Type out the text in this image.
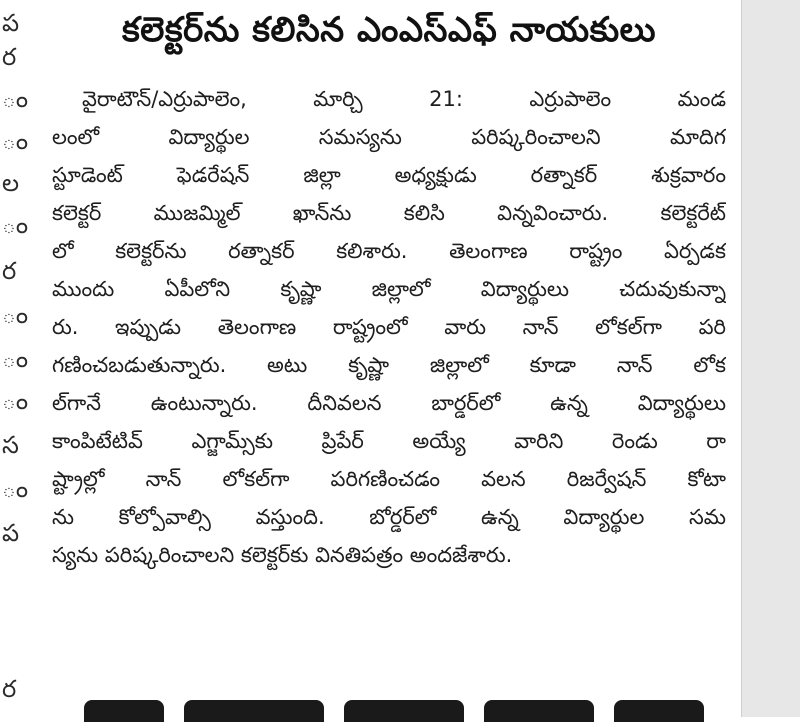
ప
ర
ం
ం
ల
ం
ర
ం
ం
ం
స
ం
ప
ర
కలెక్టర్‌ను కలిసిన ఎంఎస్‌ఎఫ్ నాయకులు
వైరాటౌన్/ఎర్రుపాలెం, మార్చి 21: ఎర్రుపాలెం మండ
లంలో విద్యార్థుల సమస్యను పరిష్కరించాలని మాదిగ
స్టూడెంట్ ఫెడరేషన్ జిల్లా అధ్యక్షుడు రత్నాకర్ శుక్రవారం
కలెక్టర్ ముజమ్మిల్ ఖాన్‌ను కలిసి విన్నవించారు. కలెక్టరేట్
లో కలెక్టర్‌ను రత్నాకర్ కలిశారు. తెలంగాణ రాష్ట్రం ఏర్పడక
ముందు ఏపీలోని కృష్ణా జిల్లాలో విద్యార్థులు చదువుకున్నా
రు. ఇప్పుడు తెలంగాణ రాష్ట్రంలో వారు నాన్ లోకల్‌గా పరి
గణించబడుతున్నారు. అటు కృష్ణా జిల్లాలో కూడా నాన్ లోక
ల్‌గానే ఉంటున్నారు. దీనివలన బార్డర్‌లో ఉన్న విద్యార్థులు
కాంపిటేటివ్ ఎగ్జామ్స్‌కు ప్రిపేర్ అయ్యే వారిని రెండు రా
ష్ట్రాల్లో నాన్ లోకల్‌గా పరిగణించడం వలన రిజర్వేషన్ కోటా
ను కోల్పోవాల్సి వస్తుంది. బోర్డర్‌లో ఉన్న విద్యార్థుల సమ
స్యను పరిష్కరించాలని కలెక్టర్‌కు వినతిపత్రం అందజేశారు.
